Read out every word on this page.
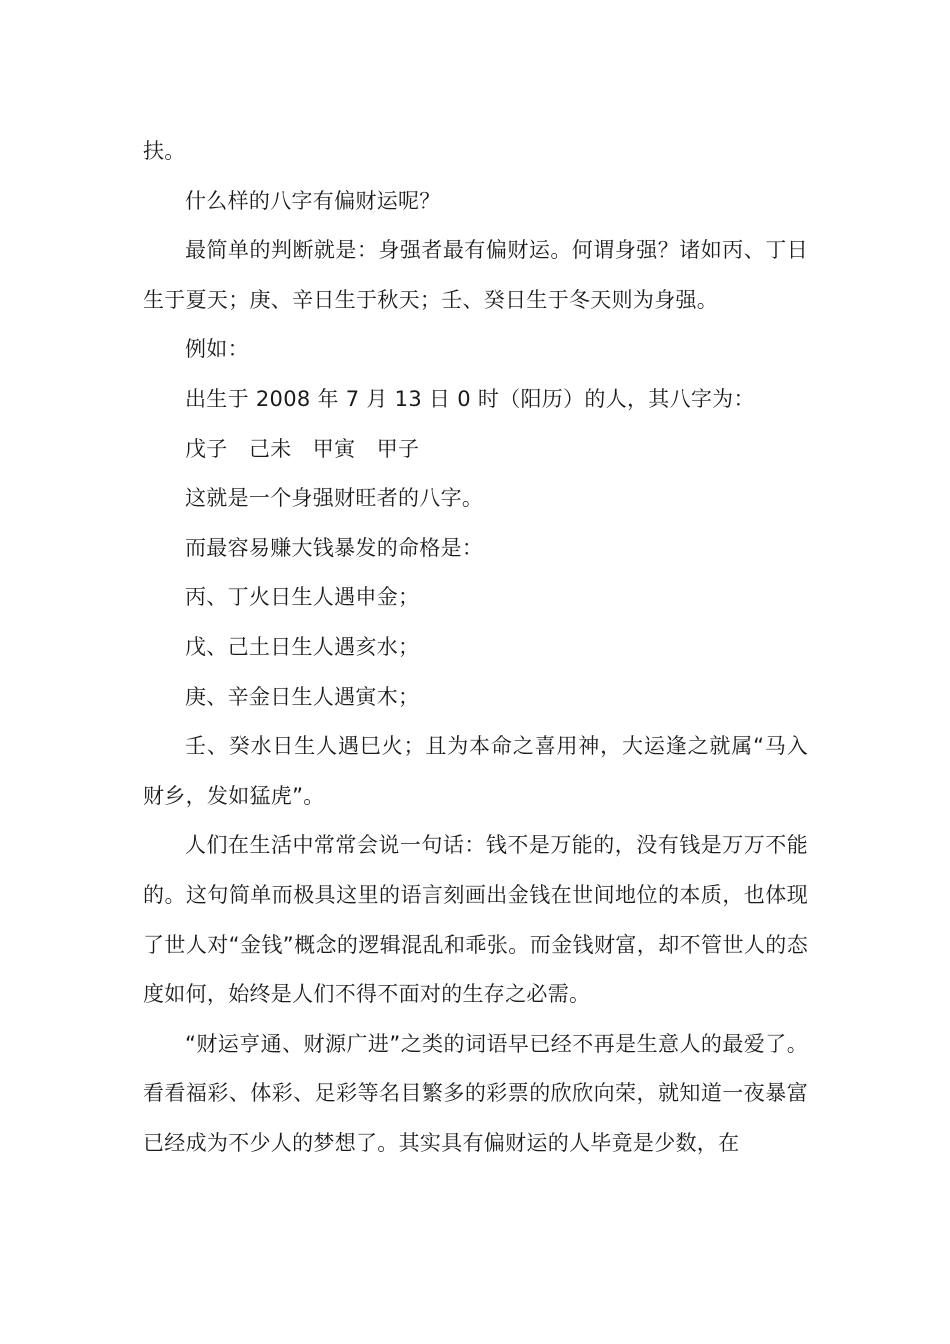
扶。

什么样的八字有偏财运呢？

最简单的判断就是：身强者最有偏财运。何谓身强？诸如丙、丁日生于夏天；庚、辛日生于秋天；壬、癸日生于冬天则为身强。

例如：

出生于 2008 年 7 月 13 日 0 时（阳历）的人，其八字为：

戊子　己未　甲寅　甲子

这就是一个身强财旺者的八字。

而最容易赚大钱暴发的命格是：

丙、丁火日生人遇申金；

戊、己土日生人遇亥水；

庚、辛金日生人遇寅木；

壬、癸水日生人遇巳火；且为本命之喜用神，大运逢之就属“马入财乡，发如猛虎”。

人们在生活中常常会说一句话：钱不是万能的，没有钱是万万不能的。这句简单而极具这里的语言刻画出金钱在世间地位的本质，也体现了世人对“金钱”概念的逻辑混乱和乖张。而金钱财富，却不管世人的态度如何，始终是人们不得不面对的生存之必需。

“财运亨通、财源广进”之类的词语早已经不再是生意人的最爱了。看看福彩、体彩、足彩等名目繁多的彩票的欣欣向荣，就知道一夜暴富已经成为不少人的梦想了。其实具有偏财运的人毕竟是少数，在
